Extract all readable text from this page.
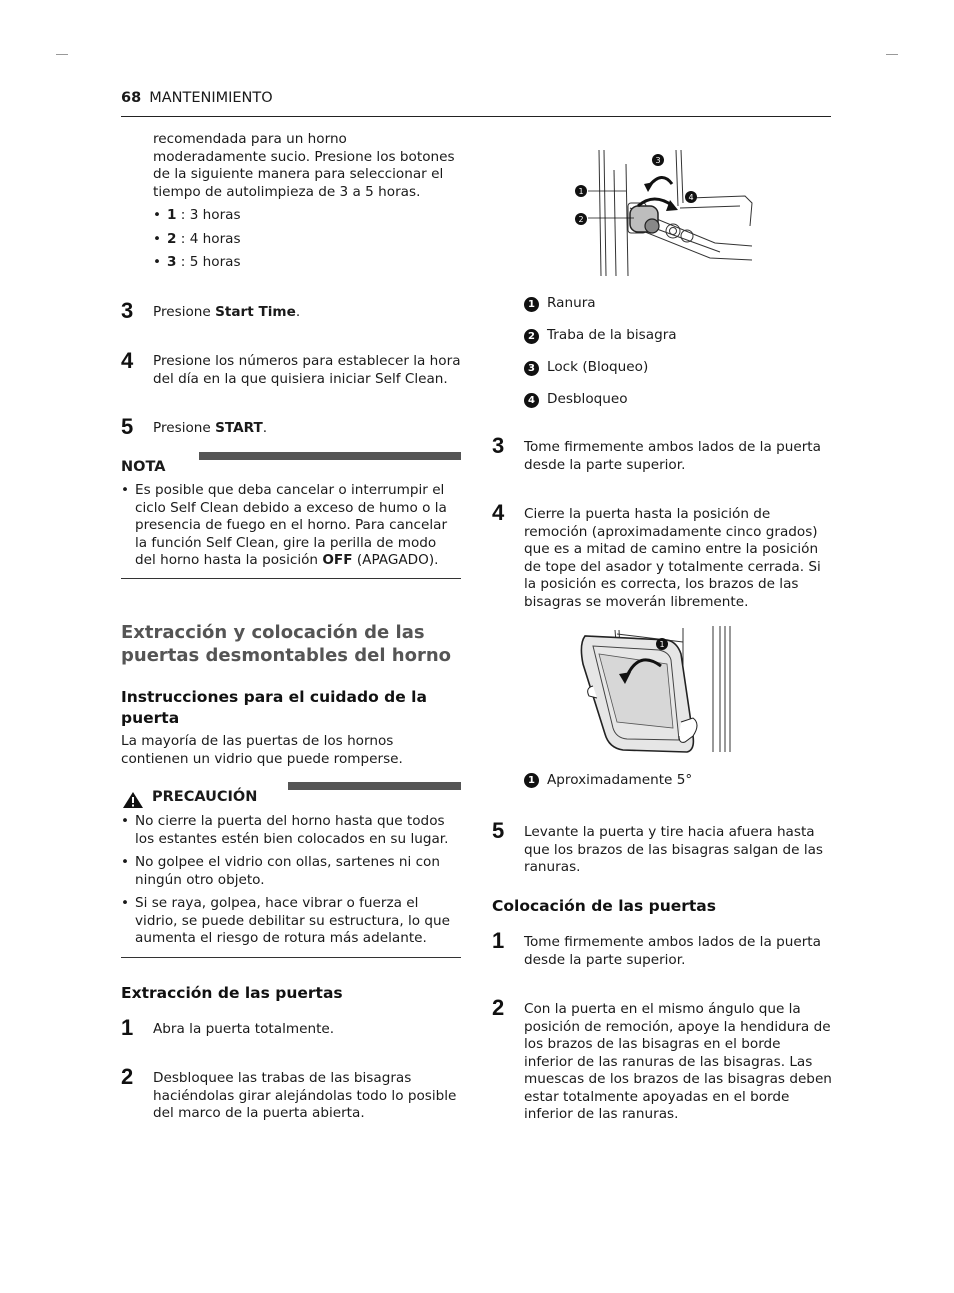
68 MANTENIMIENTO

recomendada para un horno moderadamente sucio. Presione los botones de la siguiente manera para seleccionar el tiempo de autolimpieza de 3 a 5 horas.

• 1 : 3 horas
• 2 : 4 horas
• 3 : 5 horas
3 Presione Start Time.
4 Presione los números para establecer la hora del día en la que quisiera iniciar Self Clean.
5 Presione START.
NOTA
• Es posible que deba cancelar o interrumpir el ciclo Self Clean debido a exceso de humo o la presencia de fuego en el horno. Para cancelar la función Self Clean, gire la perilla de modo del horno hasta la posición OFF (APAGADO).
Extracción y colocación de las puertas desmontables del horno
Instrucciones para el cuidado de la puerta

La mayoría de las puertas de los hornos contienen un vidrio que puede romperse.

PRECAUCIÓN
• No cierre la puerta del horno hasta que todos los estantes estén bien colocados en su lugar.
• No golpee el vidrio con ollas, sartenes ni con ningún otro objeto.
• Si se raya, golpea, hace vibrar o fuerza el vidrio, se puede debilitar su estructura, lo que aumenta el riesgo de rotura más adelante.
Extracción de las puertas
1 Abra la puerta totalmente.
2 Desbloquee las trabas de las bisagras haciéndolas girar alejándolas todo lo posible del marco de la puerta abierta.
1
2
3
4
1 Ranura
2 Traba de la bisagra
3 Lock (Bloqueo)
4 Desbloqueo
3 Tome firmemente ambos lados de la puerta desde la parte superior.
4 Cierre la puerta hasta la posición de remoción (aproximadamente cinco grados) que es a mitad de camino entre la posición de tope del asador y totalmente cerrada. Si la posición es correcta, los brazos de las bisagras se moverán libremente.
1
1 Aproximadamente 5°
5 Levante la puerta y tire hacia afuera hasta que los brazos de las bisagras salgan de las ranuras.
Colocación de las puertas
1 Tome firmemente ambos lados de la puerta desde la parte superior.
2 Con la puerta en el mismo ángulo que la posición de remoción, apoye la hendidura de los brazos de las bisagras en el borde inferior de las ranuras de las bisagras. Las muescas de los brazos de las bisagras deben estar totalmente apoyadas en el borde inferior de las ranuras.
